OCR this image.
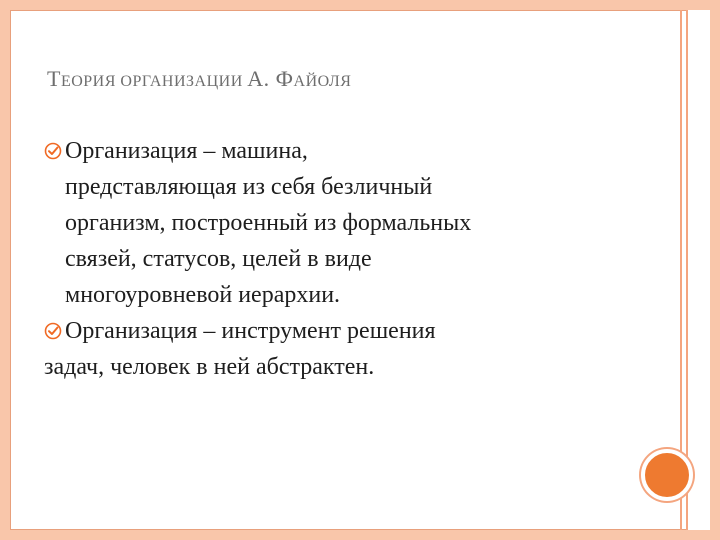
ТЕОРИЯ ОРГАНИЗАЦИИ А. ФАЙОЛЯ
Организация – машина,
представляющая из себя безличный
организм, построенный из формальных
связей, статусов, целей в виде
многоуровневой иерархии.
Организация – инструмент решения
задач, человек в ней абстрактен.
